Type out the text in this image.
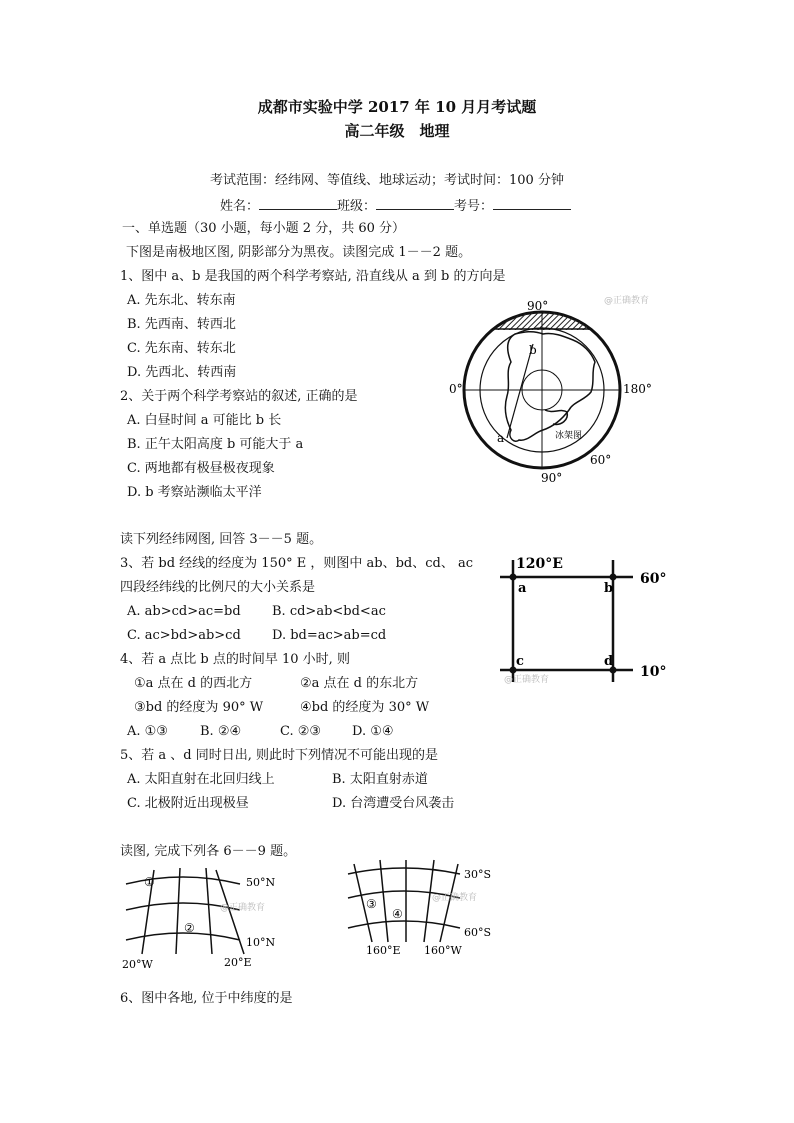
成都市实验中学 2017 年 10 月月考试题
高二年级　地理
考试范围：经纬网、等值线、地球运动；考试时间：100 分钟
姓名：	班级：	考号：
一、单选题（30 小题，每小题 2 分，共 60 分）
下图是南极地区图, 阴影部分为黑夜。读图完成 1－－2 题。
1、图中 a、b 是我国的两个科学考察站, 沿直线从 a 到 b 的方向是
A. 先东北、转东南
B. 先西南、转西北
C. 先东南、转东北
D. 先西北、转西南
2、关于两个科学考察站的叙述, 正确的是
A. 白昼时间 a 可能比 b 长
B. 正午太阳高度 b 可能大于 a
C. 两地都有极昼极夜现象
D. b 考察站濒临太平洋
90°
90°
0°	180°
60°
a
b
冰架图
@正确教育
读下列经纬网图, 回答 3－－5 题。
3、若 bd 经线的经度为 150° E ，则图中 ab、bd、cd、 ac
四段经纬线的比例尺的大小关系是
A. ab>cd>ac=bd B. cd>ab<bd<ac
C. ac>bd>ab>cd D. bd=ac>ab=cd
120°E
60°
10°
a	b
c	d
@正确教育
4、若 a 点比 b 点的时间早 10 小时, 则
①a 点在 d 的西北方	②a 点在 d 的东北方
③bd 的经度为 90° W	④bd 的经度为 30° W
A. ①③ B. ②④	C. ②③ D. ①④
5、若 a 、d 同时日出, 则此时下列情况不可能出现的是
A. 太阳直射在北回归线上	B. 太阳直射赤道
C. 北极附近出现极昼	D. 台湾遭受台风袭击
读图, 完成下列各 6－－9 题。
①
②
50°N
10°N
20°W	20°E
@正确教育	③
④
30°S
60°S
160°E 160°W
@正确教育
6、图中各地, 位于中纬度的是
